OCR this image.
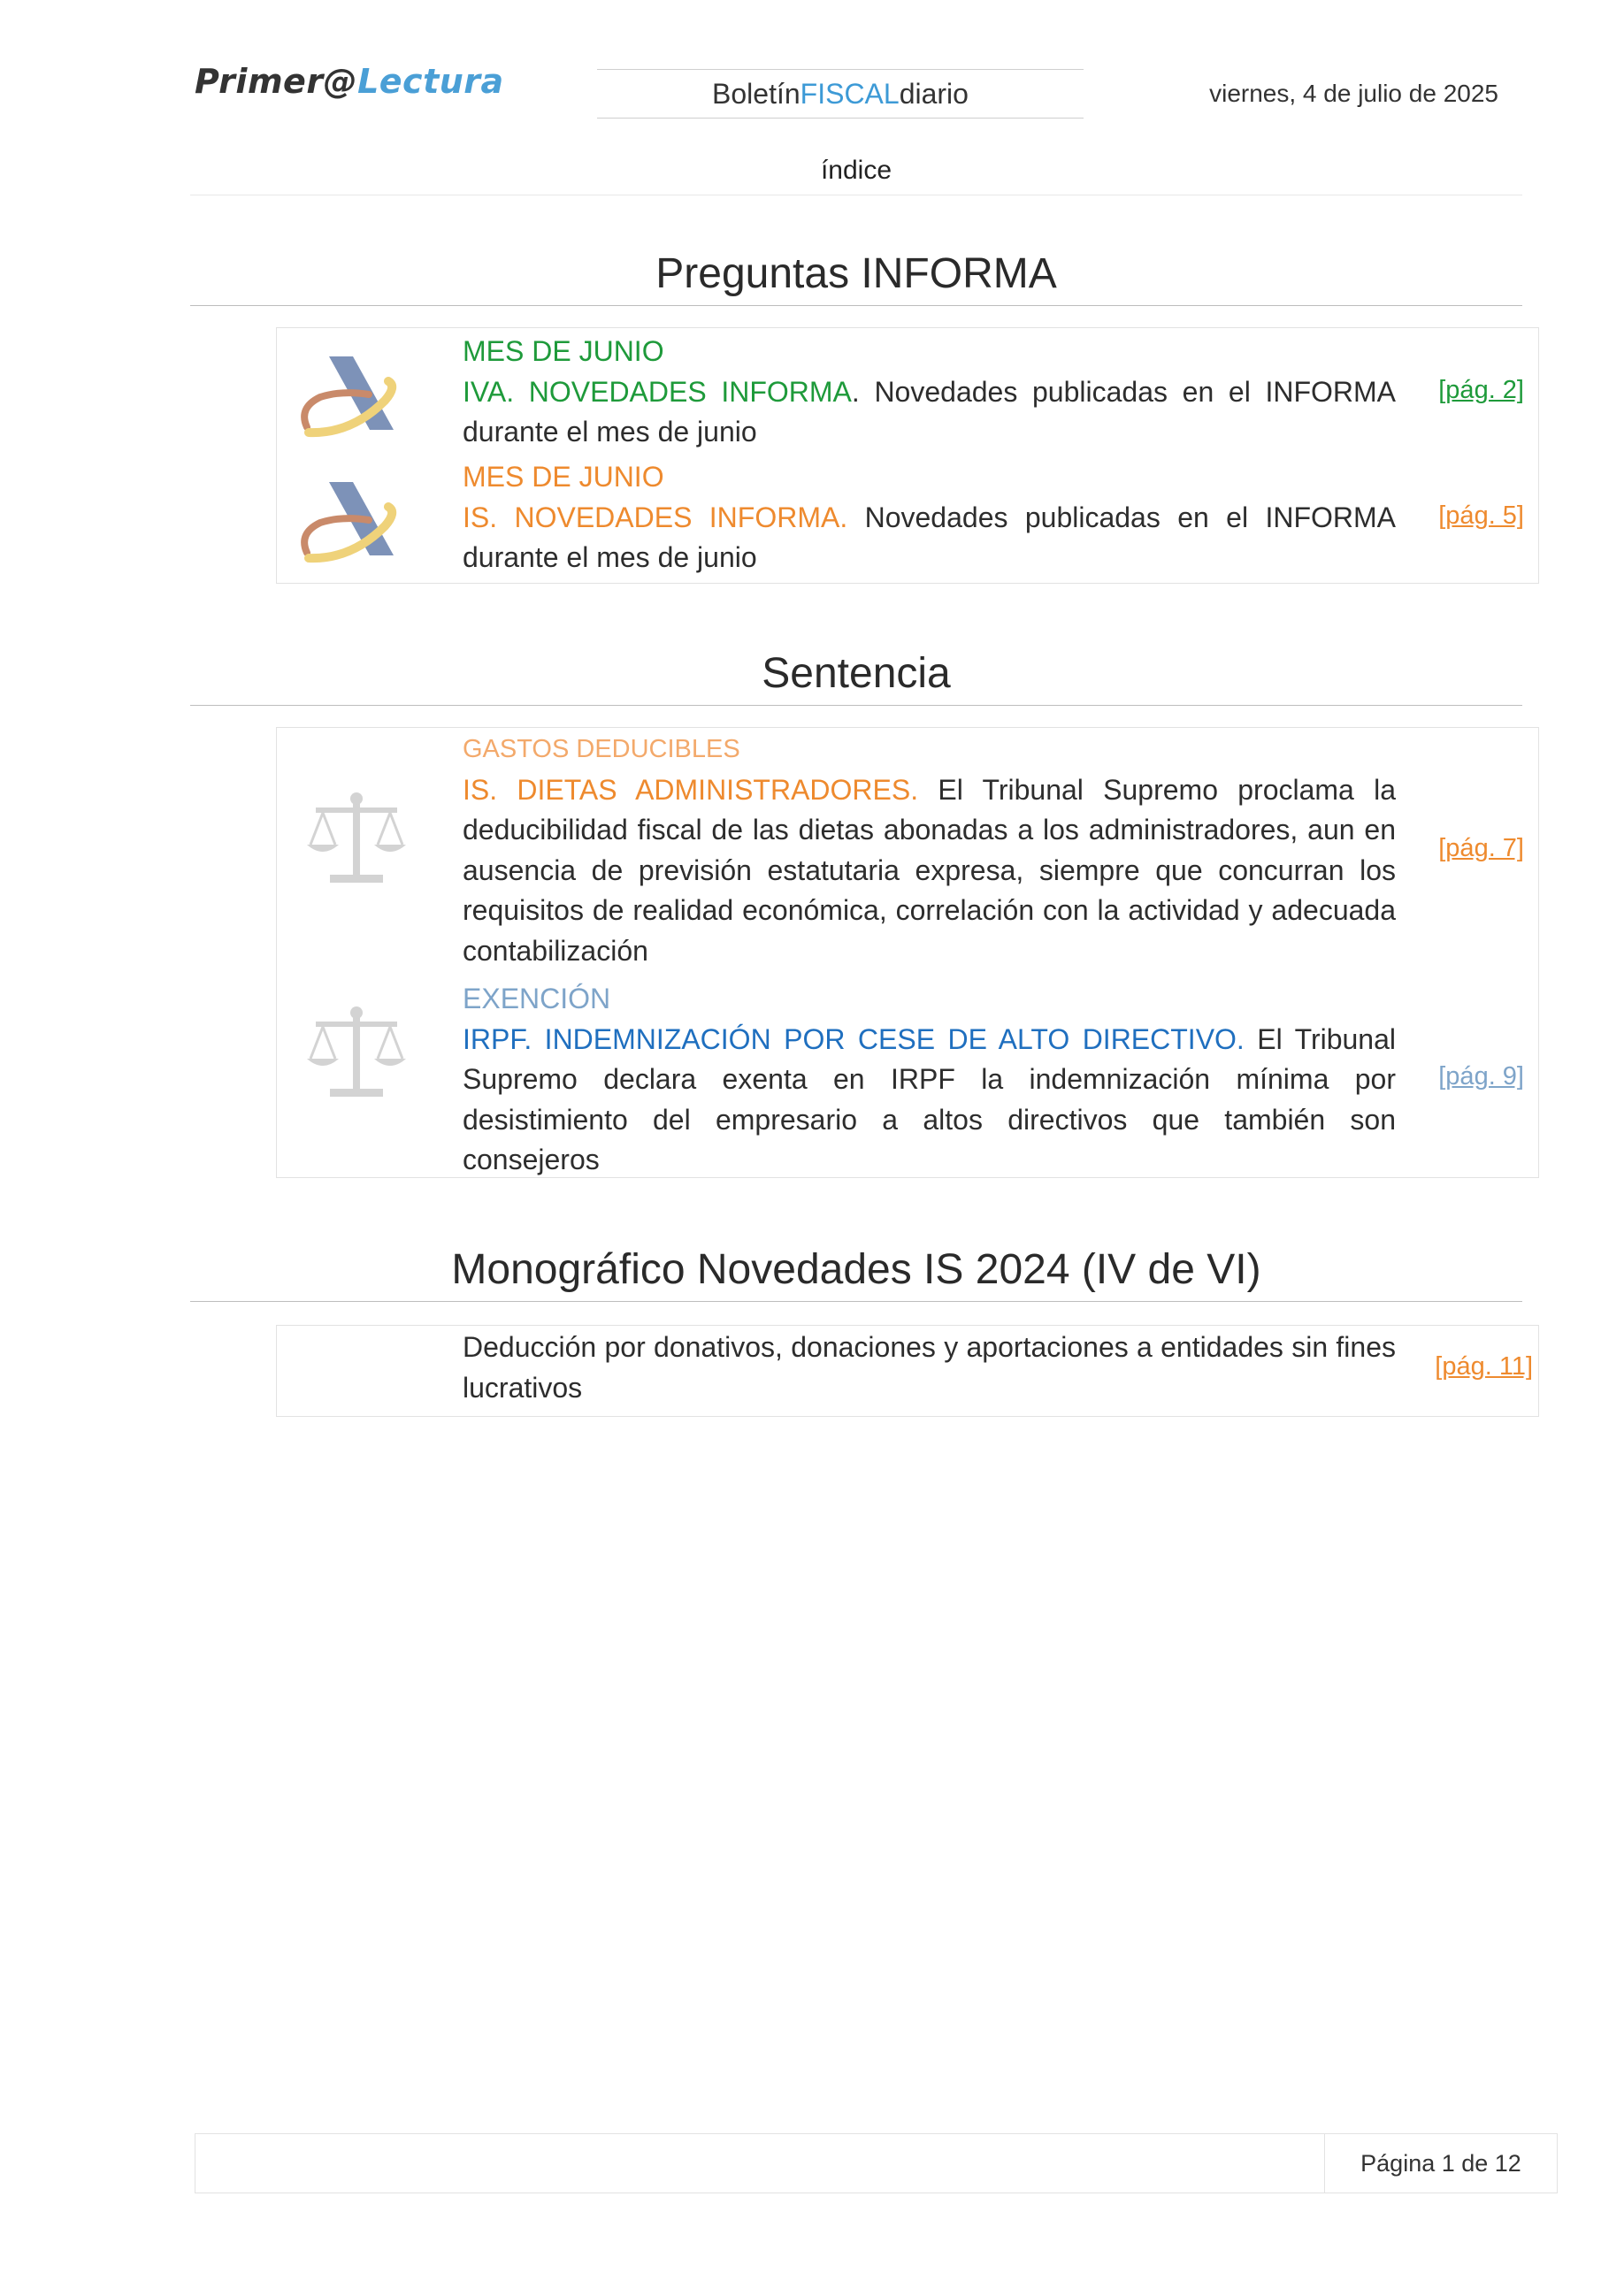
Primer@Lectura	Boletín FISCAL diario	viernes, 4 de julio de 2025
índice
Preguntas INFORMA
MES DE JUNIO
IVA. NOVEDADES INFORMA. Novedades publicadas en el INFORMA durante el mes de junio
[pág. 2]
MES DE JUNIO
IS. NOVEDADES INFORMA. Novedades publicadas en el INFORMA durante el mes de junio
[pág. 5]
Sentencia
GASTOS DEDUCIBLES
IS. DIETAS ADMINISTRADORES. El Tribunal Supremo proclama la deducibilidad fiscal de las dietas abonadas a los administradores, aun en ausencia de previsión estatutaria expresa, siempre que concurran los requisitos de realidad económica, correlación con la actividad y adecuada contabilización
[pág. 7]
EXENCIÓN
IRPF. INDEMNIZACIÓN POR CESE DE ALTO DIRECTIVO. El Tribunal Supremo declara exenta en IRPF la indemnización mínima por desistimiento del empresario a altos directivos que también son consejeros
[pág. 9]
Monográfico Novedades IS 2024 (IV de VI)
Deducción por donativos, donaciones y aportaciones a entidades sin fines lucrativos
[pág. 11]
Página 1 de 12
